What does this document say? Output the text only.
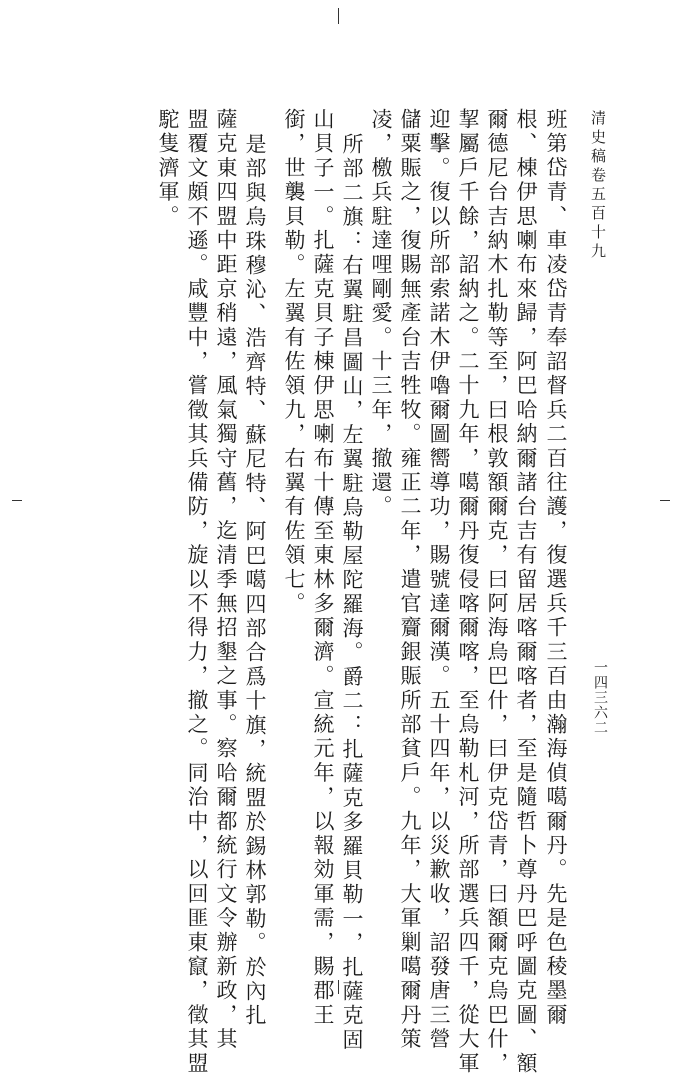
清史稿卷五百十九
一四三六二
班第岱青、車凌岱青奉詔督兵二百往護，復選兵千三百由瀚海偵噶爾丹。先是色稜墨爾
根、棟伊思喇布來歸，阿巴哈納爾諸台吉有留居喀爾喀者，至是隨哲卜尊丹巴呼圖克圖、額
爾德尼台吉納木扎勒等至，曰根敦額爾克，曰阿海烏巴什，曰伊克岱青，曰額爾克烏巴什，
挈屬戶千餘，詔納之。二十九年，噶爾丹復侵喀爾喀，至烏勒札河，所部選兵四千，從大軍
迎擊。復以所部索諾木伊嚕爾圖嚮導功，賜號達爾漢。五十四年，以災歉收，詔發唐三營
儲粟賑之，復賜無產台吉牲牧。雍正二年，遣官齎銀賑所部貧戶。九年，大軍剿噶爾丹策
凌，檄兵駐達哩剛愛。十三年，撤還。
所部二旗：右翼駐昌圖山，左翼駐烏勒屋陀羅海。爵二：扎薩克多羅貝勒一，扎薩克固
山貝子一。扎薩克貝子棟伊思喇布十傳至東林多爾濟。宣統元年，以報効軍需，賜郡王
銜，世襲貝勒。左翼有佐領九，右翼有佐領七。
是部與烏珠穆沁、浩齊特、蘇尼特、阿巴噶四部合爲十旗，統盟於錫林郭勒。於內扎
薩克東四盟中距京稍遠，風氣獨守舊，迄清季無招墾之事。察哈爾都統行文令辦新政，其
盟覆文頗不遜。咸豐中，嘗徵其兵備防，旋以不得力，撤之。同治中，以回匪東竄，徵其盟
駝隻濟軍。
